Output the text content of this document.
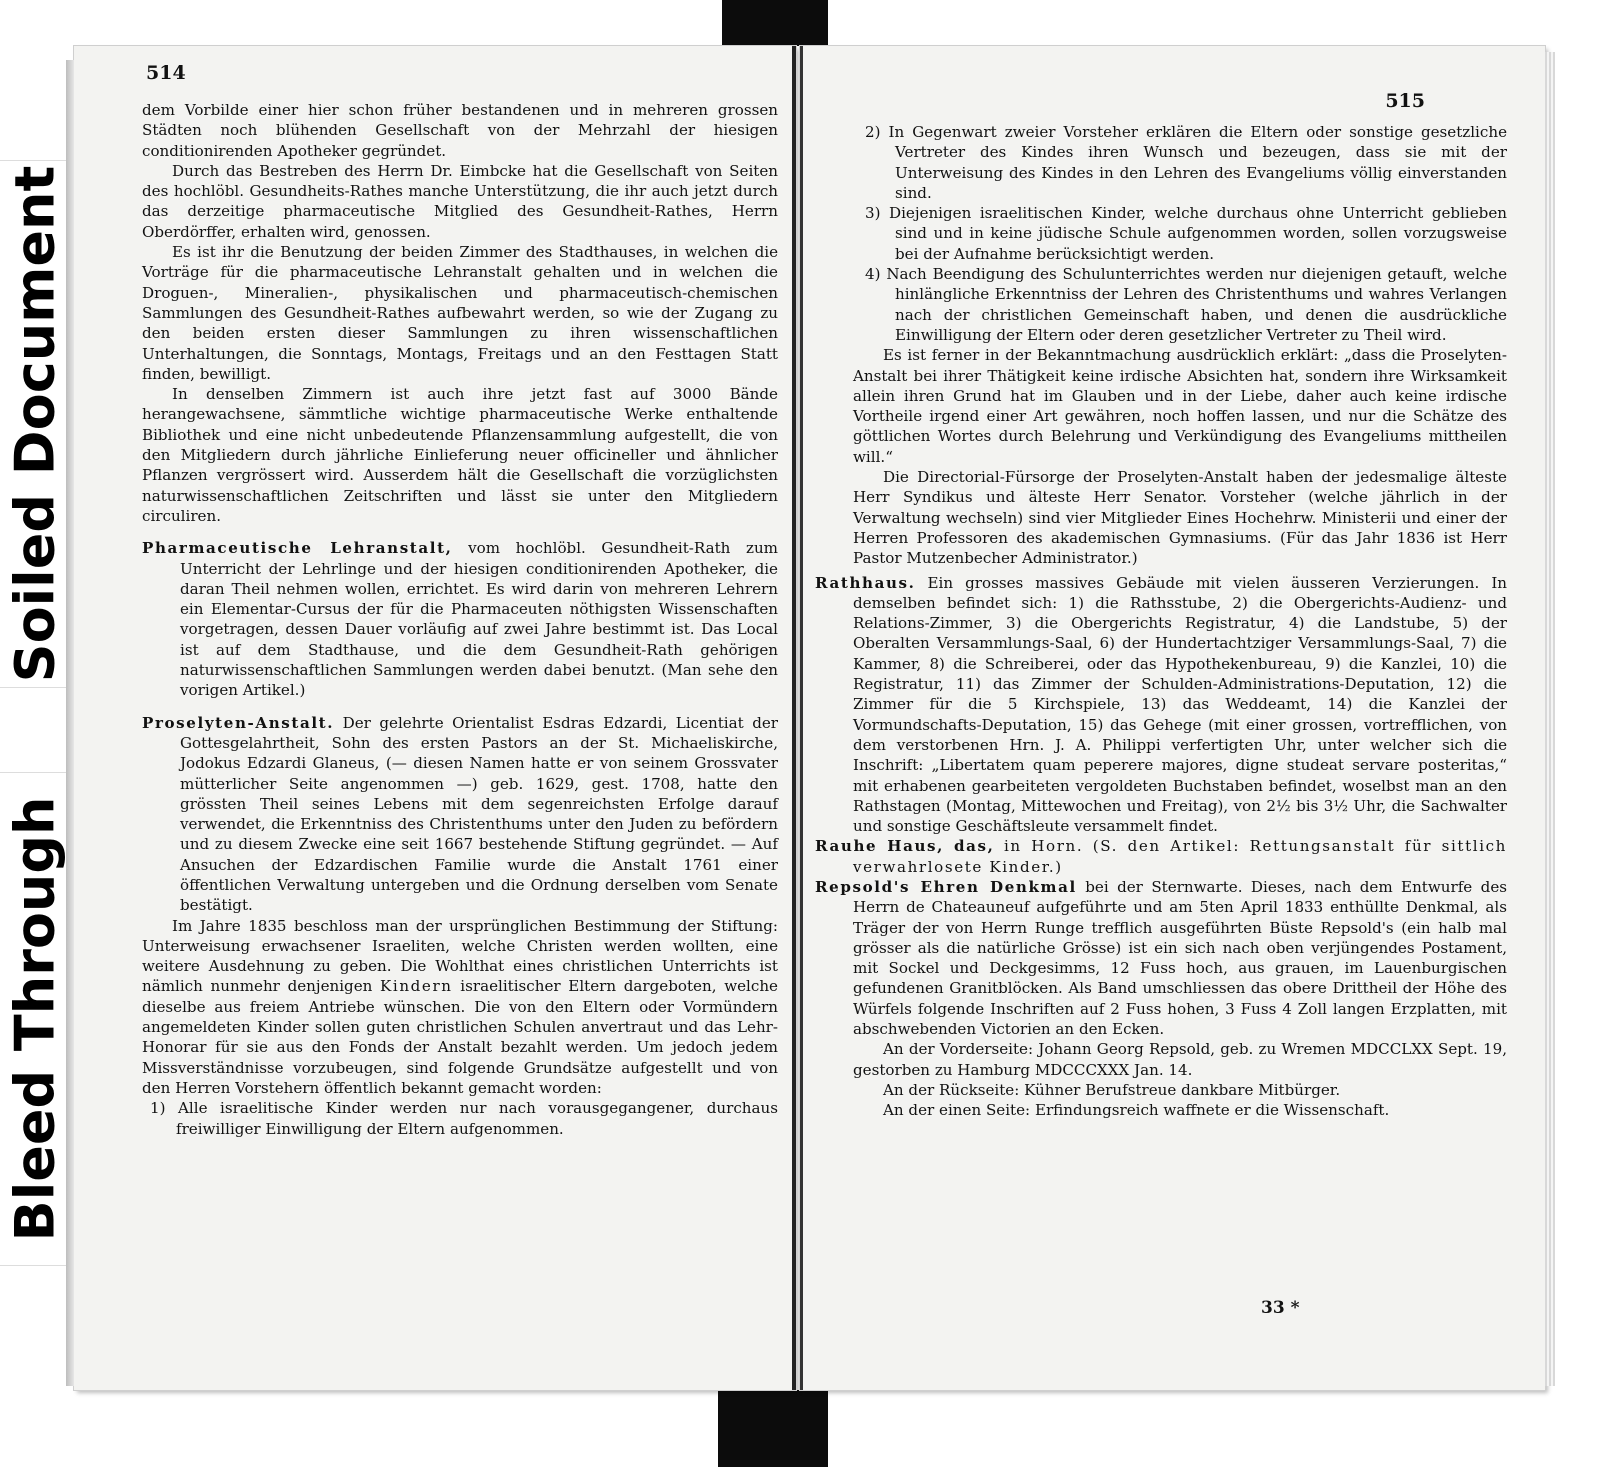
Soiled Document
Bleed Through
514

dem Vorbilde einer hier schon früher bestandenen und in mehreren grossen Städten noch blühenden Gesellschaft von der Mehrzahl der hiesigen conditionirenden Apotheker gegründet.

Durch das Bestreben des Herrn Dr. Eimbcke hat die Gesellschaft von Seiten des hochlöbl. Gesundheits-Rathes manche Unterstützung, die ihr auch jetzt durch das derzeitige pharmaceutische Mitglied des Gesundheit-Rathes, Herrn Oberdörffer, erhalten wird, genossen.

Es ist ihr die Benutzung der beiden Zimmer des Stadthauses, in welchen die Vorträge für die pharmaceutische Lehranstalt gehalten und in welchen die Droguen-, Mineralien-, physikalischen und pharmaceutisch-chemischen Sammlungen des Gesundheit-Rathes aufbewahrt werden, so wie der Zugang zu den beiden ersten dieser Sammlungen zu ihren wissenschaftlichen Unterhaltungen, die Sonntags, Montags, Freitags und an den Festtagen Statt finden, bewilligt.

In denselben Zimmern ist auch ihre jetzt fast auf 3000 Bände herangewachsene, sämmtliche wichtige pharmaceutische Werke enthaltende Bibliothek und eine nicht unbedeutende Pflanzensammlung aufgestellt, die von den Mitgliedern durch jährliche Einlieferung neuer officineller und ähnlicher Pflanzen vergrössert wird. Ausserdem hält die Gesellschaft die vorzüglichsten naturwissenschaftlichen Zeitschriften und lässt sie unter den Mitgliedern circuliren.

Pharmaceutische Lehranstalt, vom hochlöbl. Gesundheit-Rath zum Unterricht der Lehrlinge und der hiesigen conditionirenden Apotheker, die daran Theil nehmen wollen, errichtet. Es wird darin von mehreren Lehrern ein Elementar-Cursus der für die Pharmaceuten nöthigsten Wissenschaften vorgetragen, dessen Dauer vorläufig auf zwei Jahre bestimmt ist. Das Local ist auf dem Stadthause, und die dem Gesundheit-Rath gehörigen naturwissenschaftlichen Sammlungen werden dabei benutzt. (Man sehe den vorigen Artikel.)

Proselyten-Anstalt. Der gelehrte Orientalist Esdras Edzardi, Licentiat der Gottesgelahrtheit, Sohn des ersten Pastors an der St. Michaeliskirche, Jodokus Edzardi Glaneus, (— diesen Namen hatte er von seinem Grossvater mütterlicher Seite angenommen —) geb. 1629, gest. 1708, hatte den grössten Theil seines Lebens mit dem segenreichsten Erfolge darauf verwendet, die Erkenntniss des Christenthums unter den Juden zu befördern und zu diesem Zwecke eine seit 1667 bestehende Stiftung gegründet. — Auf Ansuchen der Edzardischen Familie wurde die Anstalt 1761 einer öffentlichen Verwaltung untergeben und die Ordnung derselben vom Senate bestätigt.

Im Jahre 1835 beschloss man der ursprünglichen Bestimmung der Stiftung: Unterweisung erwachsener Israeliten, welche Christen werden wollten, eine weitere Ausdehnung zu geben. Die Wohlthat eines christlichen Unterrichts ist nämlich nunmehr denjenigen Kindern israelitischer Eltern dargeboten, welche dieselbe aus freiem Antriebe wünschen. Die von den Eltern oder Vormündern angemeldeten Kinder sollen guten christlichen Schulen anvertraut und das Lehr-Honorar für sie aus den Fonds der Anstalt bezahlt werden. Um jedoch jedem Missverständnisse vorzubeugen, sind folgende Grundsätze aufgestellt und von den Herren Vorstehern öffentlich bekannt gemacht worden:

1) Alle israelitische Kinder werden nur nach vorausgegangener, durchaus freiwilliger Einwilligung der Eltern aufgenommen.

515

2) In Gegenwart zweier Vorsteher erklären die Eltern oder sonstige gesetzliche Vertreter des Kindes ihren Wunsch und bezeugen, dass sie mit der Unterweisung des Kindes in den Lehren des Evangeliums völlig einverstanden sind.

3) Diejenigen israelitischen Kinder, welche durchaus ohne Unterricht geblieben sind und in keine jüdische Schule aufgenommen worden, sollen vorzugsweise bei der Aufnahme berücksichtigt werden.

4) Nach Beendigung des Schulunterrichtes werden nur diejenigen getauft, welche hinlängliche Erkenntniss der Lehren des Christenthums und wahres Verlangen nach der christlichen Gemeinschaft haben, und denen die ausdrückliche Einwilligung der Eltern oder deren gesetzlicher Vertreter zu Theil wird.

Es ist ferner in der Bekanntmachung ausdrücklich erklärt: „dass die Proselyten-Anstalt bei ihrer Thätigkeit keine irdische Absichten hat, sondern ihre Wirksamkeit allein ihren Grund hat im Glauben und in der Liebe, daher auch keine irdische Vortheile irgend einer Art gewähren, noch hoffen lassen, und nur die Schätze des göttlichen Wortes durch Belehrung und Verkündigung des Evangeliums mittheilen will.“

Die Directorial-Fürsorge der Proselyten-Anstalt haben der jedesmalige älteste Herr Syndikus und älteste Herr Senator. Vorsteher (welche jährlich in der Verwaltung wechseln) sind vier Mitglieder Eines Hochehrw. Ministerii und einer der Herren Professoren des akademischen Gymnasiums. (Für das Jahr 1836 ist Herr Pastor Mutzenbecher Administrator.)

Rathhaus. Ein grosses massives Gebäude mit vielen äusseren Verzierungen. In demselben befindet sich: 1) die Rathsstube, 2) die Obergerichts-Audienz- und Relations-Zimmer, 3) die Obergerichts Registratur, 4) die Landstube, 5) der Oberalten Versammlungs-Saal, 6) der Hundertachtziger Versammlungs-Saal, 7) die Kammer, 8) die Schreiberei, oder das Hypothekenbureau, 9) die Kanzlei, 10) die Registratur, 11) das Zimmer der Schulden-Administrations-Deputation, 12) die Zimmer für die 5 Kirchspiele, 13) das Weddeamt, 14) die Kanzlei der Vormundschafts-Deputation, 15) das Gehege (mit einer grossen, vortrefflichen, von dem verstorbenen Hrn. J. A. Philippi verfertigten Uhr, unter welcher sich die Inschrift: „Libertatem quam peperere majores, digne studeat servare posteritas,“ mit erhabenen gearbeiteten vergoldeten Buchstaben befindet, woselbst man an den Rathstagen (Montag, Mittewochen und Freitag), von 2½ bis 3½ Uhr, die Sachwalter und sonstige Geschäftsleute versammelt findet.

Rauhe Haus, das, in Horn. (S. den Artikel: Rettungsanstalt für sittlich verwahrlosete Kinder.)

Repsold's Ehren Denkmal bei der Sternwarte. Dieses, nach dem Entwurfe des Herrn de Chateauneuf aufgeführte und am 5ten April 1833 enthüllte Denkmal, als Träger der von Herrn Runge trefflich ausgeführten Büste Repsold's (ein halb mal grösser als die natürliche Grösse) ist ein sich nach oben verjüngendes Postament, mit Sockel und Deckgesimms, 12 Fuss hoch, aus grauen, im Lauenburgischen gefundenen Granitblöcken. Als Band umschliessen das obere Drittheil der Höhe des Würfels folgende Inschriften auf 2 Fuss hohen, 3 Fuss 4 Zoll langen Erzplatten, mit abschwebenden Victorien an den Ecken.

An der Vorderseite: Johann Georg Repsold, geb. zu Wremen MDCCLXX Sept. 19, gestorben zu Hamburg MDCCCXXX Jan. 14.

An der Rückseite: Kühner Berufstreue dankbare Mitbürger.

An der einen Seite: Erfindungsreich waffnete er die Wissenschaft.

33 *
